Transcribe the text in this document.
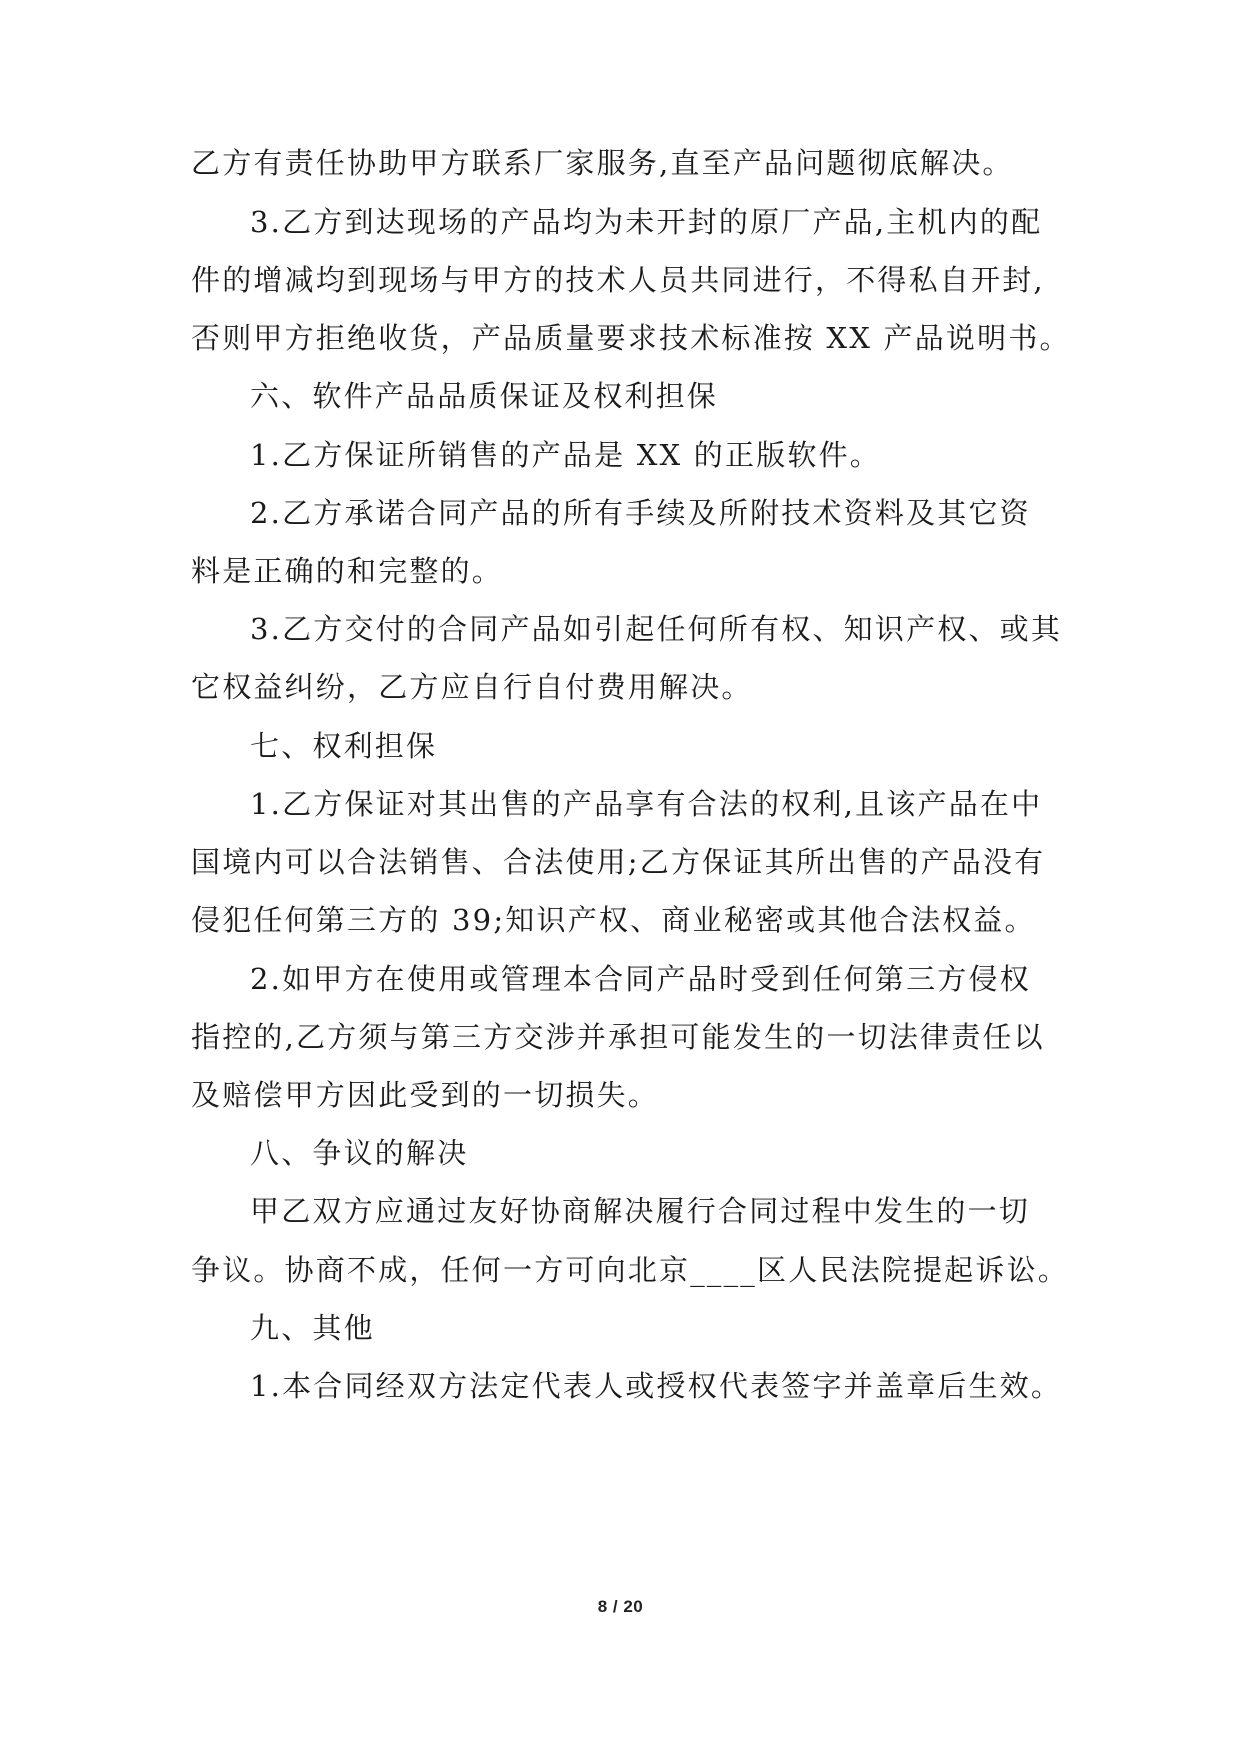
乙方有责任协助甲方联系厂家服务,直至产品问题彻底解决。
3.乙方到达现场的产品均为未开封的原厂产品,主机内的配
件的增减均到现场与甲方的技术人员共同进行，不得私自开封,
否则甲方拒绝收货，产品质量要求技术标准按 XX 产品说明书。
六、软件产品品质保证及权利担保
1.乙方保证所销售的产品是 XX 的正版软件。
2.乙方承诺合同产品的所有手续及所附技术资料及其它资
料是正确的和完整的。
3.乙方交付的合同产品如引起任何所有权、知识产权、或其
它权益纠纷，乙方应自行自付费用解决。
七、权利担保
1.乙方保证对其出售的产品享有合法的权利,且该产品在中
国境内可以合法销售、合法使用;乙方保证其所出售的产品没有
侵犯任何第三方的 39;知识产权、商业秘密或其他合法权益。
2.如甲方在使用或管理本合同产品时受到任何第三方侵权
指控的,乙方须与第三方交涉并承担可能发生的一切法律责任以
及赔偿甲方因此受到的一切损失。
八、争议的解决
甲乙双方应通过友好协商解决履行合同过程中发生的一切
争议。协商不成，任何一方可向北京____区人民法院提起诉讼。
九、其他
1.本合同经双方法定代表人或授权代表签字并盖章后生效。
8 / 20
